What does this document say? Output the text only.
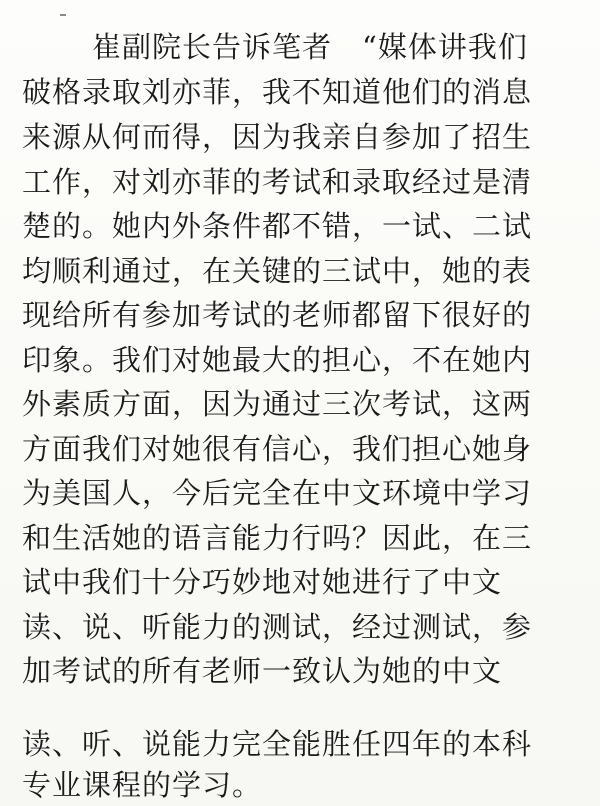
崔副院长告诉笔者　“媒体讲我们
破格录取刘亦菲，我不知道他们的消息
来源从何而得，因为我亲自参加了招生
工作，对刘亦菲的考试和录取经过是清
楚的。她内外条件都不错，一试、二试
均顺利通过，在关键的三试中，她的表
现给所有参加考试的老师都留下很好的
印象。我们对她最大的担心，不在她内
外素质方面，因为通过三次考试，这两
方面我们对她很有信心，我们担心她身
为美国人，今后完全在中文环境中学习
和生活她的语言能力行吗？因此，在三
试中我们十分巧妙地对她进行了中文
读、说、听能力的测试，经过测试，参
加考试的所有老师一致认为她的中文
读、听、说能力完全能胜任四年的本科
专业课程的学习。
